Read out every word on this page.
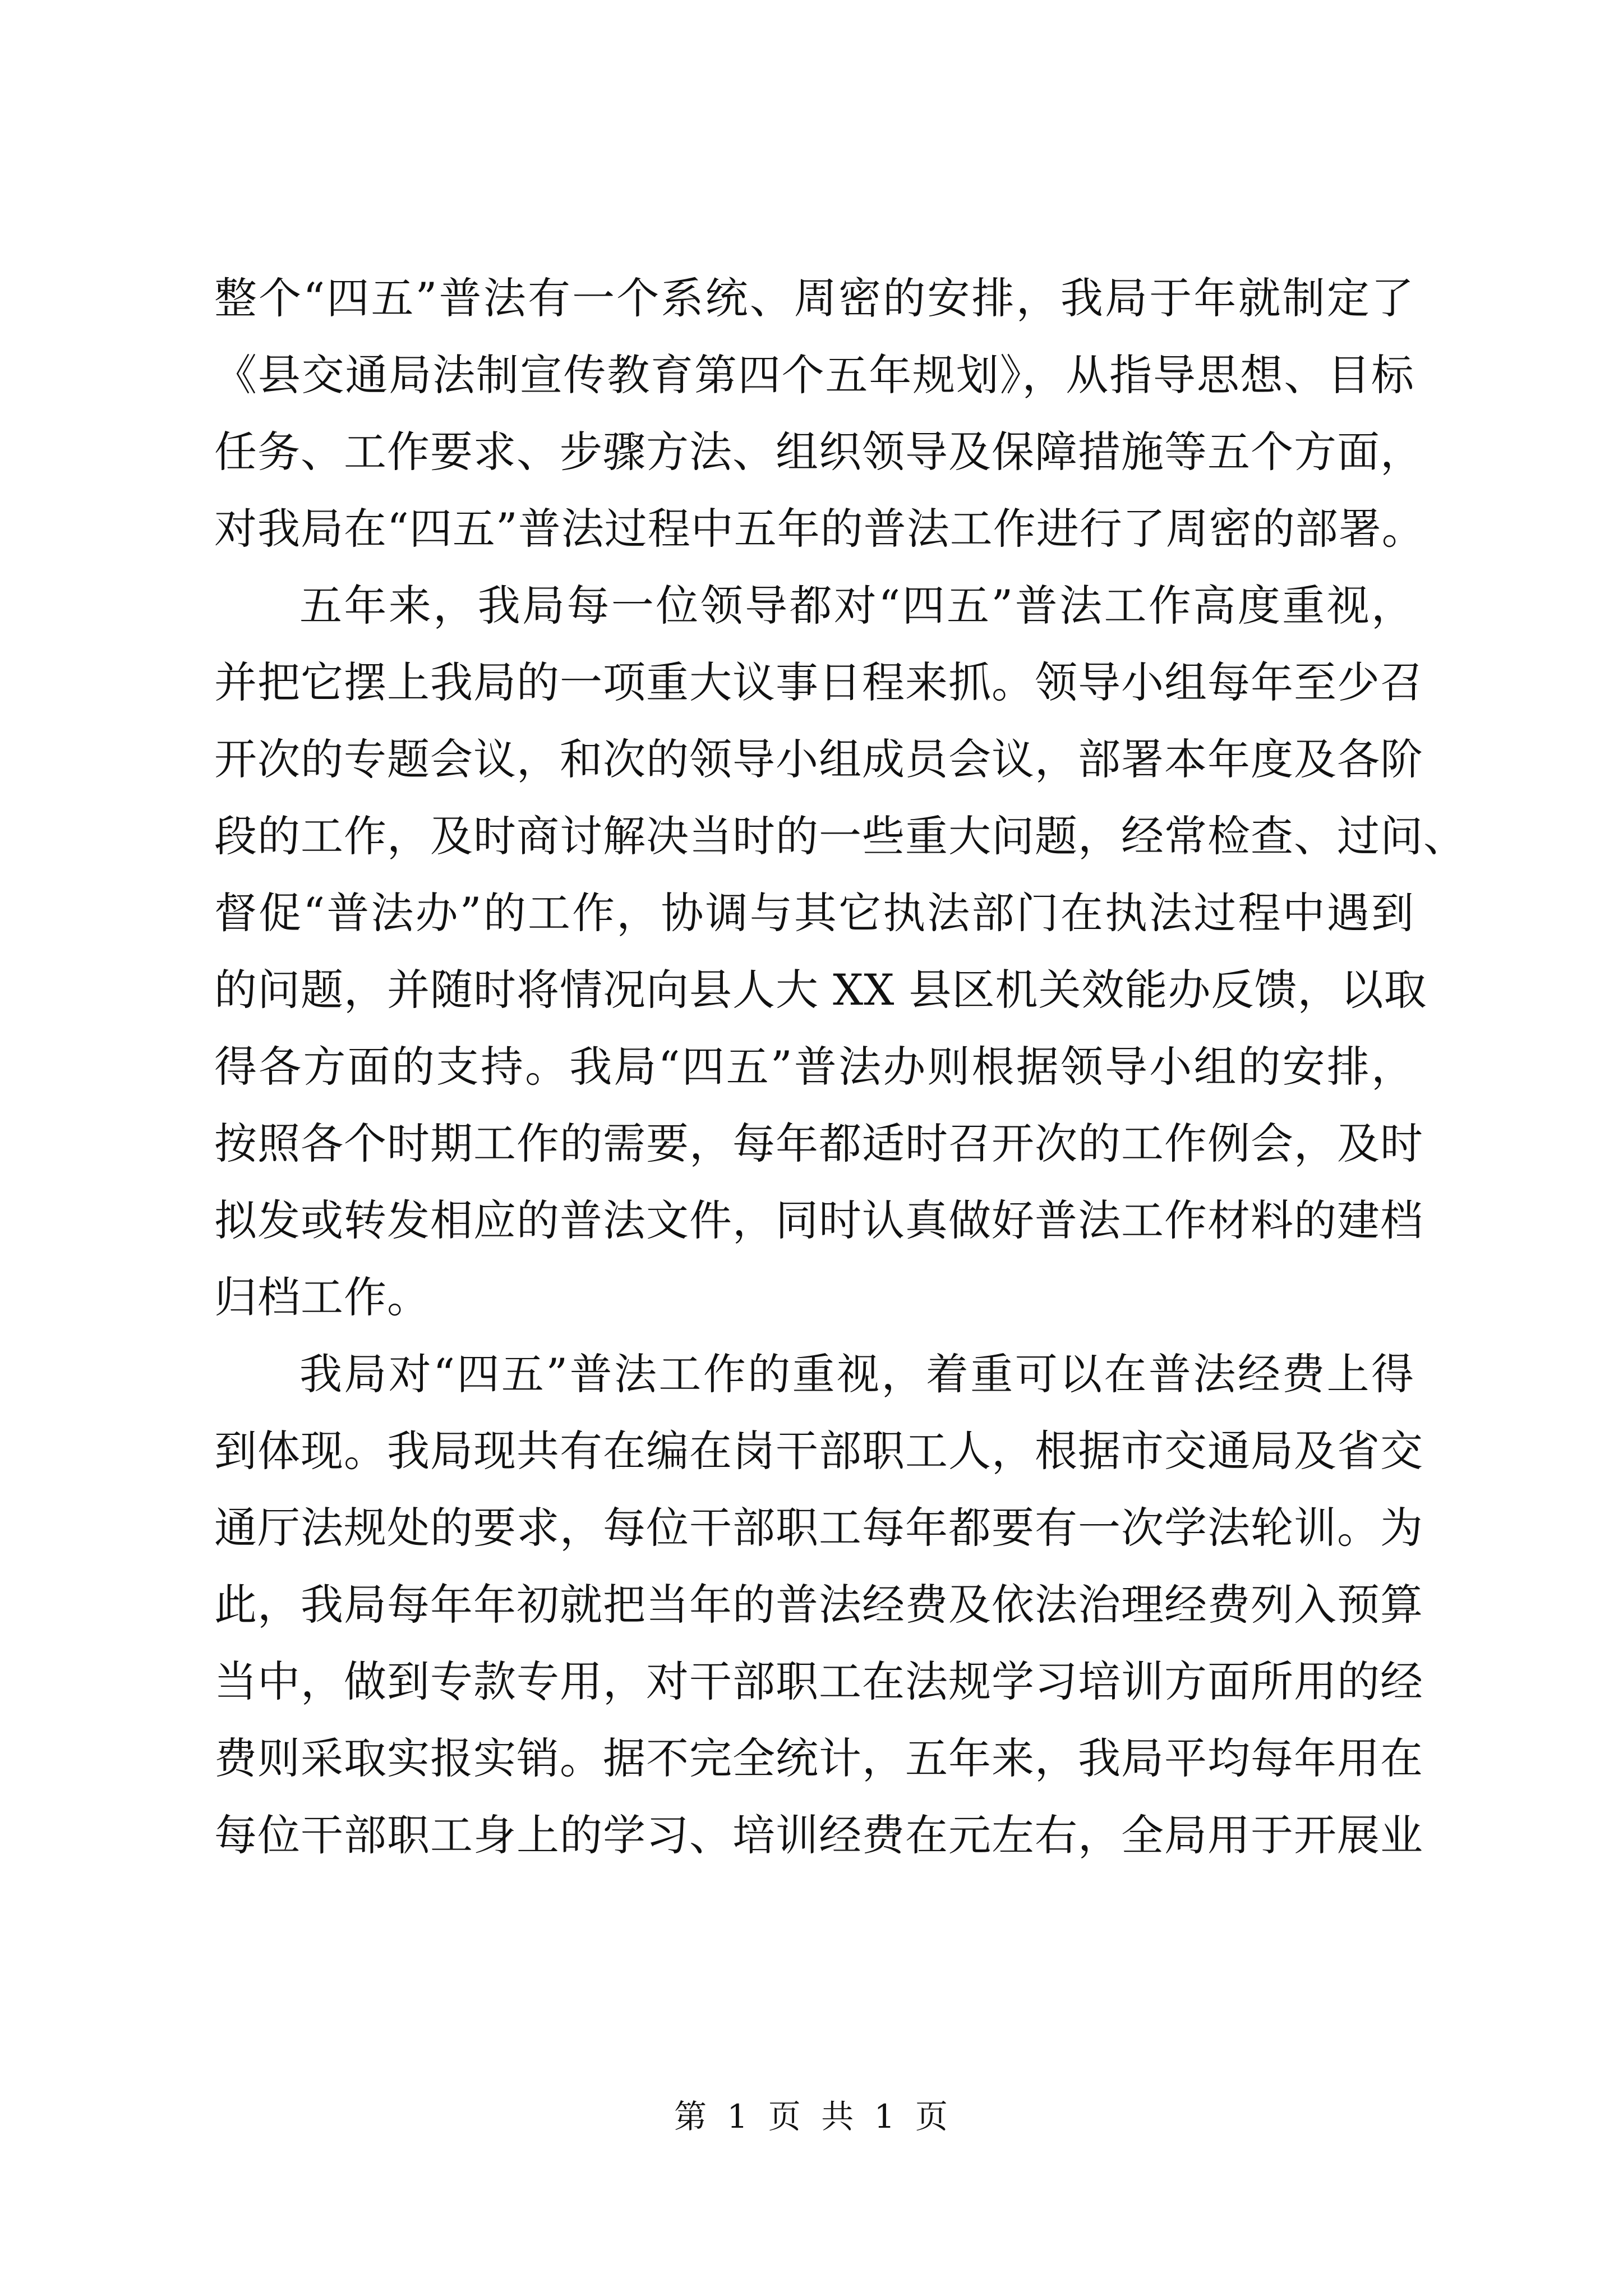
整个“四五”普法有一个系统、周密的安排，我局于年就制定了
《县交通局法制宣传教育第四个五年规划》，从指导思想、目标
任务、工作要求、步骤方法、组织领导及保障措施等五个方面，
对我局在“四五”普法过程中五年的普法工作进行了周密的部署。
五年来，我局每一位领导都对“四五”普法工作高度重视，
并把它摆上我局的一项重大议事日程来抓。领导小组每年至少召
开次的专题会议，和次的领导小组成员会议，部署本年度及各阶
段的工作，及时商讨解决当时的一些重大问题，经常检查、过问、
督促“普法办”的工作，协调与其它执法部门在执法过程中遇到
的问题，并随时将情况向县人大 XX 县区机关效能办反馈，以取
得各方面的支持。我局“四五”普法办则根据领导小组的安排，
按照各个时期工作的需要，每年都适时召开次的工作例会，及时
拟发或转发相应的普法文件，同时认真做好普法工作材料的建档
归档工作。
我局对“四五”普法工作的重视，着重可以在普法经费上得
到体现。我局现共有在编在岗干部职工人，根据市交通局及省交
通厅法规处的要求，每位干部职工每年都要有一次学法轮训。为
此，我局每年年初就把当年的普法经费及依法治理经费列入预算
当中，做到专款专用，对干部职工在法规学习培训方面所用的经
费则采取实报实销。据不完全统计，五年来，我局平均每年用在
每位干部职工身上的学习、培训经费在元左右，全局用于开展业
第 1 页 共 1 页
